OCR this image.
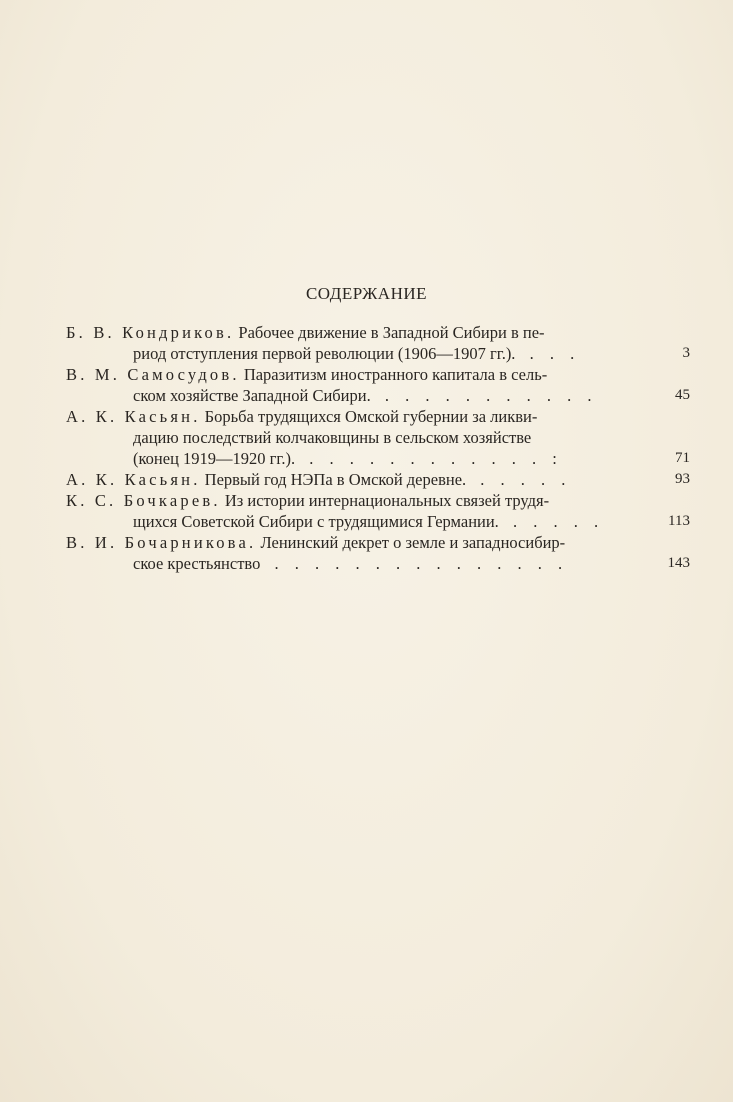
СОДЕРЖАНИЕ
Б. В. Кондриков. Рабочее движение в Западной Сибири в пе-
риод отступления первой революции (1906—1907 гг.). . . .	3
В. М. Самосудов. Паразитизм иностранного капитала в сель-
ском хозяйстве Западной Сибири. . . . . . . . . . . .	45
А. К. Касьян. Борьба трудящихся Омской губернии за ликви-
дацию последствий колчаковщины в сельском хозяйстве
(конец 1919—1920 гг.). . . . . . . . . . . . . :	71
А. К. Касьян. Первый год НЭПа в Омской деревне. . . . . .	93
К. С. Бочкарев. Из истории интернациональных связей трудя-
щихся Советской Сибири с трудящимися Германии. . . . . .	113
В. И. Бочарникова. Ленинский декрет о земле и западносибир-
ское крестьянство . . . . . . . . . . . . . . .	143
